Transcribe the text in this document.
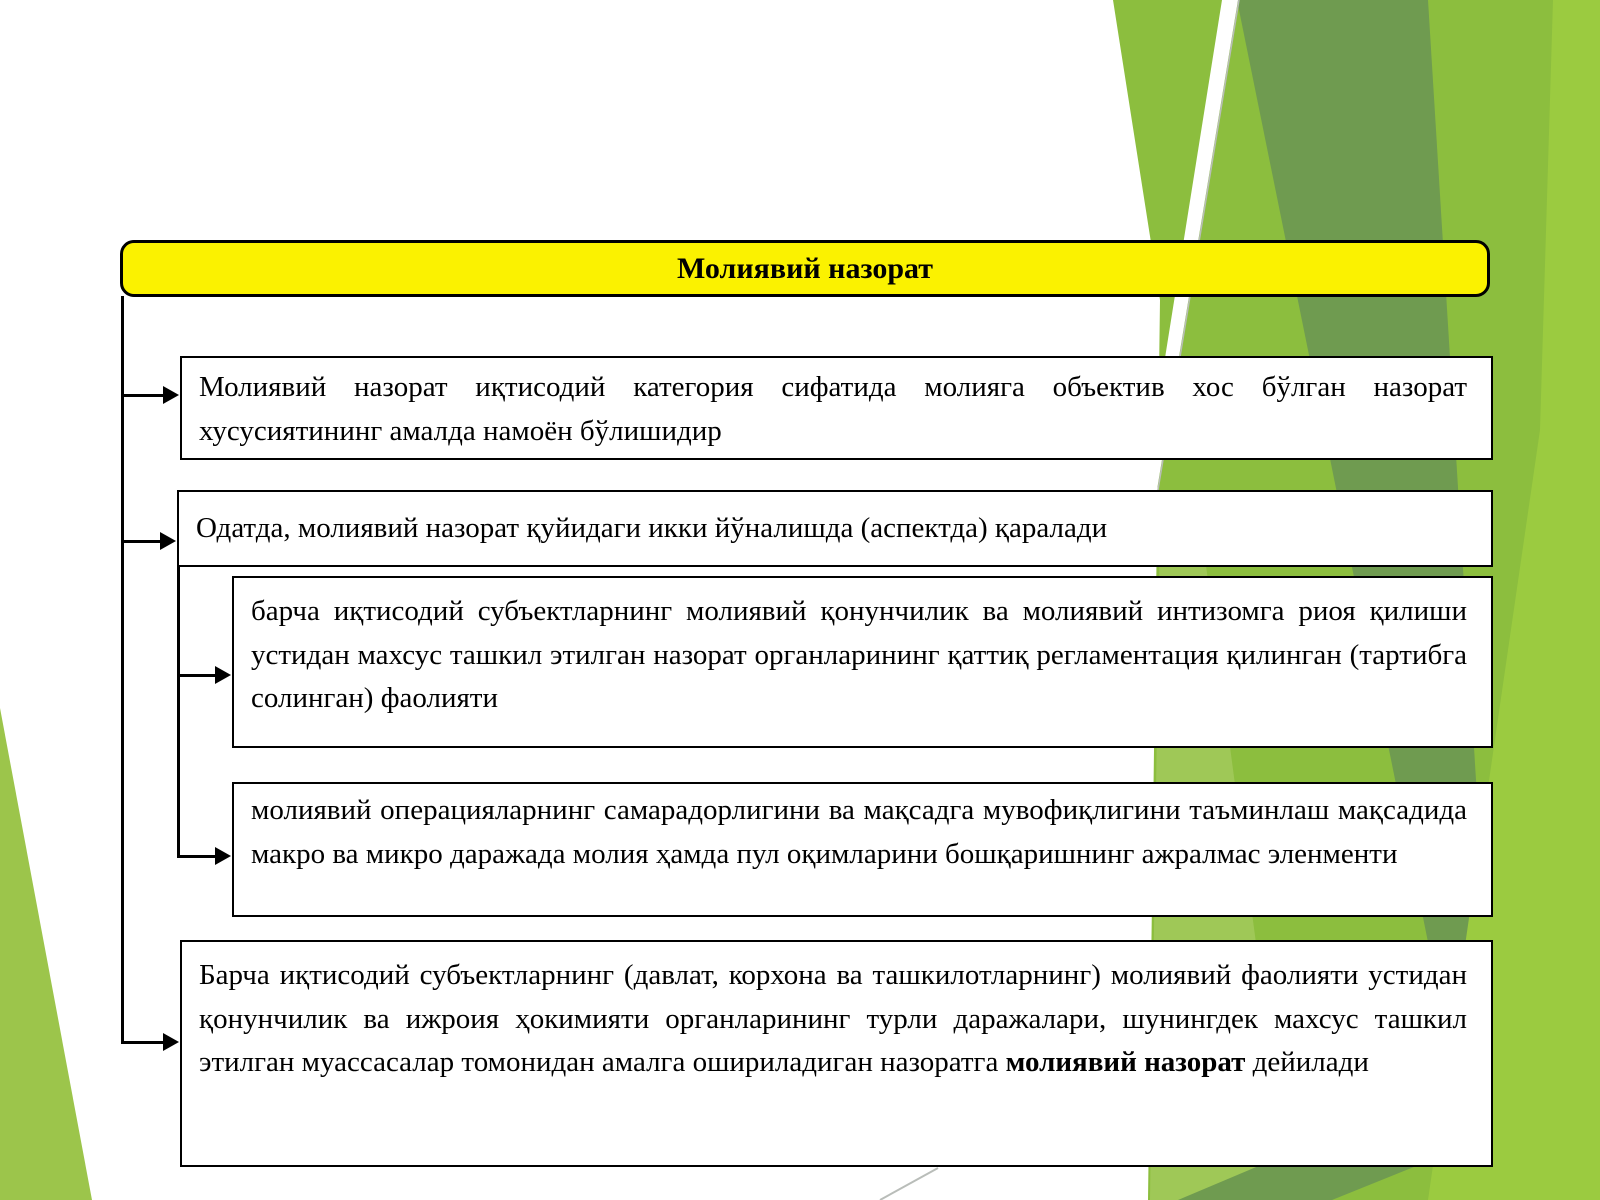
Молиявий назорат
Молиявий назорат иқтисодий категория сифатида молияга объектив хос бўлган назорат хусусиятининг амалда намоён бўлишидир
Одатда, молиявий назорат қуйидаги икки йўналишда (аспектда) қаралади
барча иқтисодий субъектларнинг молиявий қонунчилик ва молиявий интизомга риоя қилиши устидан махсус ташкил этилган назорат органларининг қаттиқ регламентация қилинган (тартибга солинган) фаолияти
молиявий операцияларнинг самарадорлигини ва мақсадга мувофиқлигини таъминлаш мақсадида макро ва микро даражада молия ҳамда пул оқимларини бошқаришнинг ажралмас эленменти
Барча иқтисодий субъектларнинг (давлат, корхона ва ташкилотларнинг) молиявий фаолияти устидан қонунчилик ва ижроия ҳокимияти органларининг турли даражалари, шунингдек махсус ташкил этилган муассасалар томонидан амалга ошириладиган назоратга молиявий назорат дейилади
